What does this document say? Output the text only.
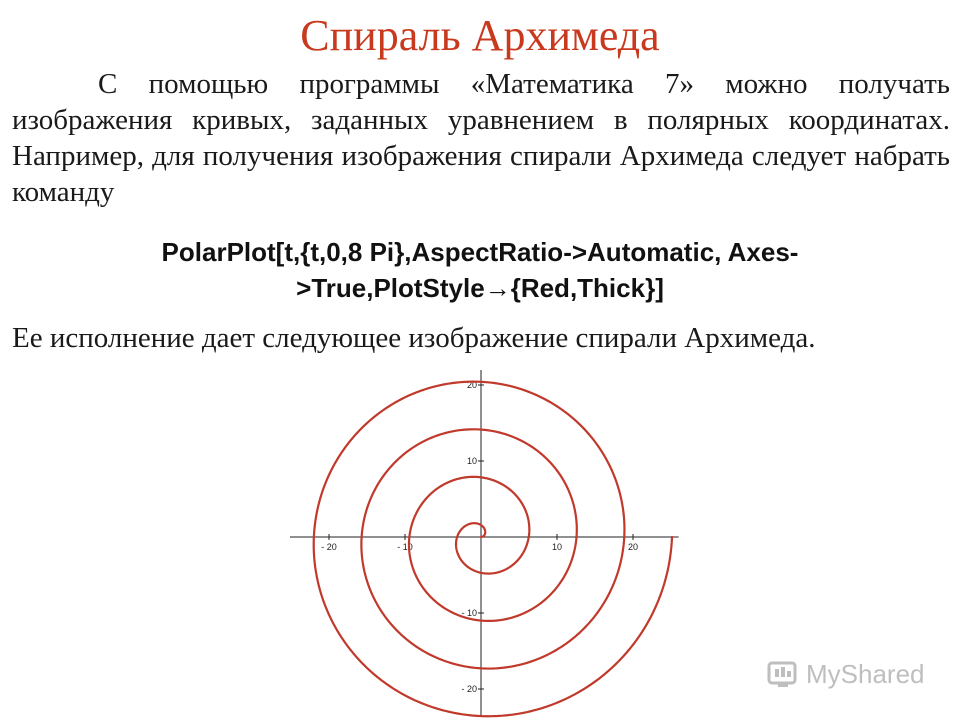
Спираль Архимеда
С помощью программы «Математика 7» можно получать изображения кривых, заданных уравнением в полярных координатах. Например, для получения изображения спирали Архимеда следует набрать команду
PolarPlot[t,{t,0,8 Pi},AspectRatio->Automatic, Axes-
>True,PlotStyle→{Red,Thick}]
Ее исполнение дает следующее изображение спирали Архимеда.
- 20	- 10	10	20
20
10
- 10
- 20
MyShared
